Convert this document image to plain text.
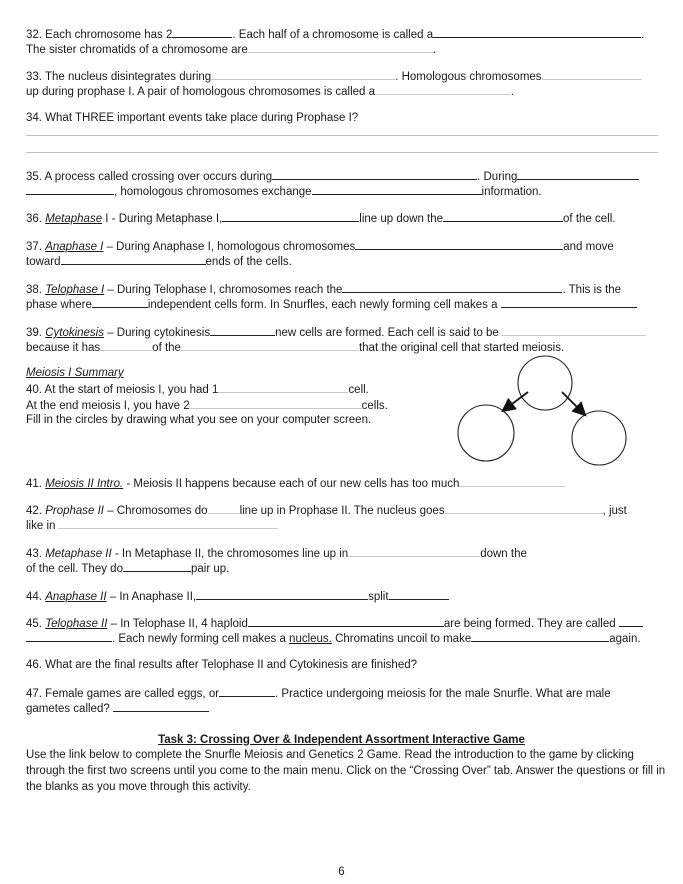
32. Each chromosome has 2	. Each half of a chromosome is called a	.
The sister chromatids of a chromosome are	.
33. The nucleus disintegrates during	. Homologous chromosomes
up during prophase I. A pair of homologous chromosomes is called a	.
34. What THREE important events take place during Prophase I?
35. A process called crossing over occurs during	. During
, homologous chromosomes exchange	information.
36. Metaphase I - During Metaphase I,	line up down the	of the cell.
37. Anaphase I – During Anaphase I, homologous chromosomes	and move
toward	ends of the cells.
38. Telophase I – During Telophase I, chromosomes reach the	. This is the
phase where	independent cells form. In Snurfles, each newly forming cell makes a
39. Cytokinesis – During cytokinesis	new cells are formed. Each cell is said to be
because it has	of the	that the original cell that started meiosis.
Meiosis I Summary
40. At the start of meiosis I, you had 1	cell.
At the end meiosis I, you have 2	cells.
Fill in the circles by drawing what you see on your computer screen.
41. Meiosis II Intro. - Meiosis II happens because each of our new cells has too much
42. Prophase II – Chromosomes do	line up in Prophase II. The nucleus goes	, just
like in
43. Metaphase II - In Metaphase II, the chromosomes line up in	down the
of the cell. They do	pair up.
44. Anaphase II – In Anaphase II,	split
45. Telophase II – In Telophase II, 4 haploid	are being formed. They are called
. Each newly forming cell makes a nucleus. Chromatins uncoil to make	again.
46. What are the final results after Telophase II and Cytokinesis are finished?
47. Female games are called eggs, or	. Practice undergoing meiosis for the male Snurfle. What are male
gametes called?
Task 3: Crossing Over & Independent Assortment Interactive Game
Use the link below to complete the Snurfle Meiosis and Genetics 2 Game. Read the introduction to the game by clicking through the first two screens until you come to the main menu. Click on the “Crossing Over” tab. Answer the questions or fill in the blanks as you move through this activity.
6
